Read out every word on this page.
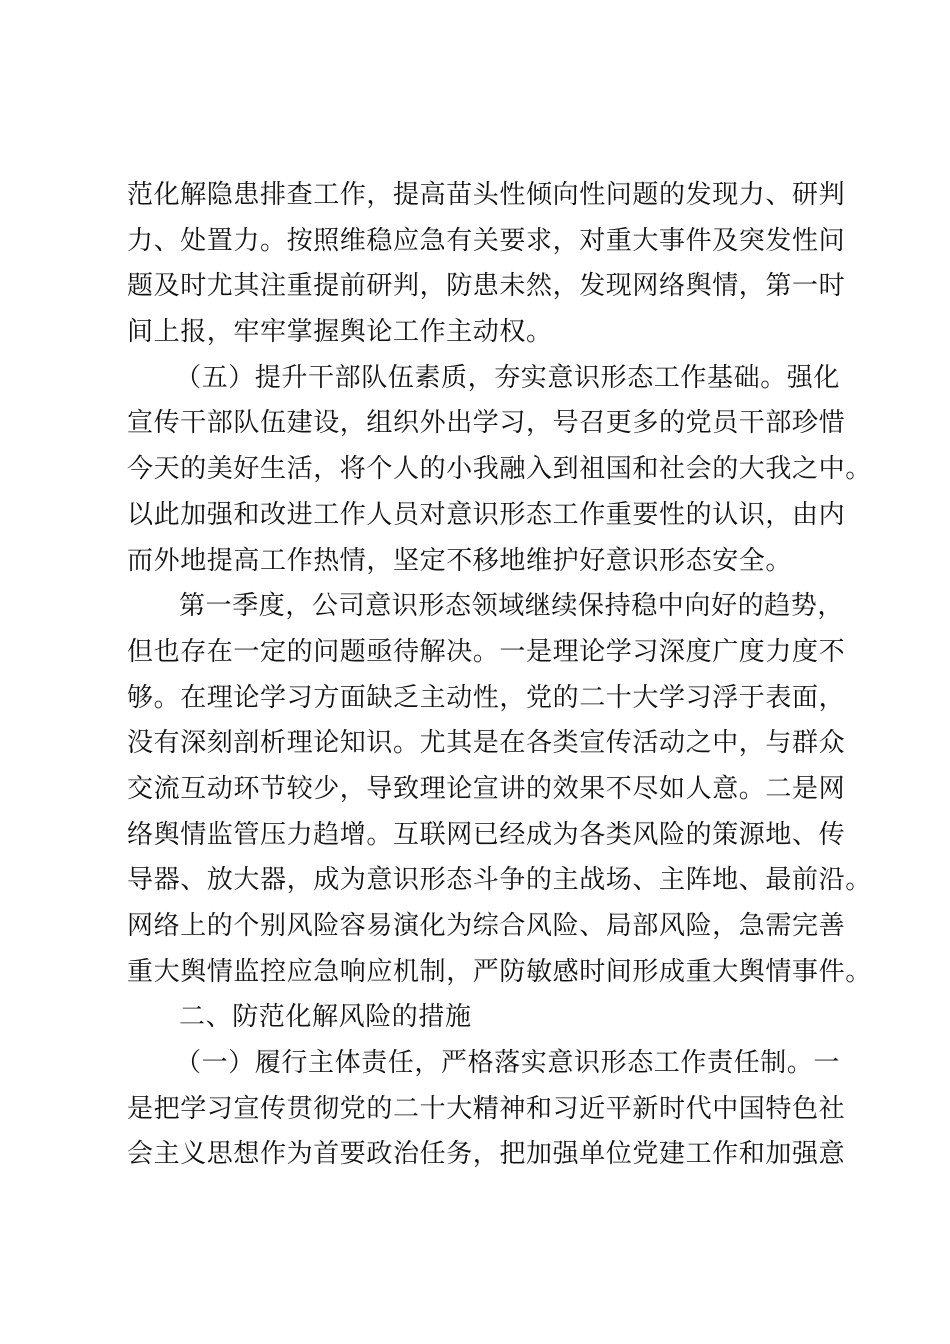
范化解隐患排查工作，提高苗头性倾向性问题的发现力、研判
力、处置力。按照维稳应急有关要求，对重大事件及突发性问
题及时尤其注重提前研判，防患未然，发现网络舆情，第一时
间上报，牢牢掌握舆论工作主动权。
（五）提升干部队伍素质，夯实意识形态工作基础。强化
宣传干部队伍建设，组织外出学习，号召更多的党员干部珍惜
今天的美好生活，将个人的小我融入到祖国和社会的大我之中。
以此加强和改进工作人员对意识形态工作重要性的认识，由内
而外地提高工作热情，坚定不移地维护好意识形态安全。
第一季度，公司意识形态领域继续保持稳中向好的趋势，
但也存在一定的问题亟待解决。一是理论学习深度广度力度不
够。在理论学习方面缺乏主动性，党的二十大学习浮于表面，
没有深刻剖析理论知识。尤其是在各类宣传活动之中，与群众
交流互动环节较少，导致理论宣讲的效果不尽如人意。二是网
络舆情监管压力趋增。互联网已经成为各类风险的策源地、传
导器、放大器，成为意识形态斗争的主战场、主阵地、最前沿。
网络上的个别风险容易演化为综合风险、局部风险，急需完善
重大舆情监控应急响应机制，严防敏感时间形成重大舆情事件。
二、防范化解风险的措施
（一）履行主体责任，严格落实意识形态工作责任制。一
是把学习宣传贯彻党的二十大精神和习近平新时代中国特色社
会主义思想作为首要政治任务，把加强单位党建工作和加强意
